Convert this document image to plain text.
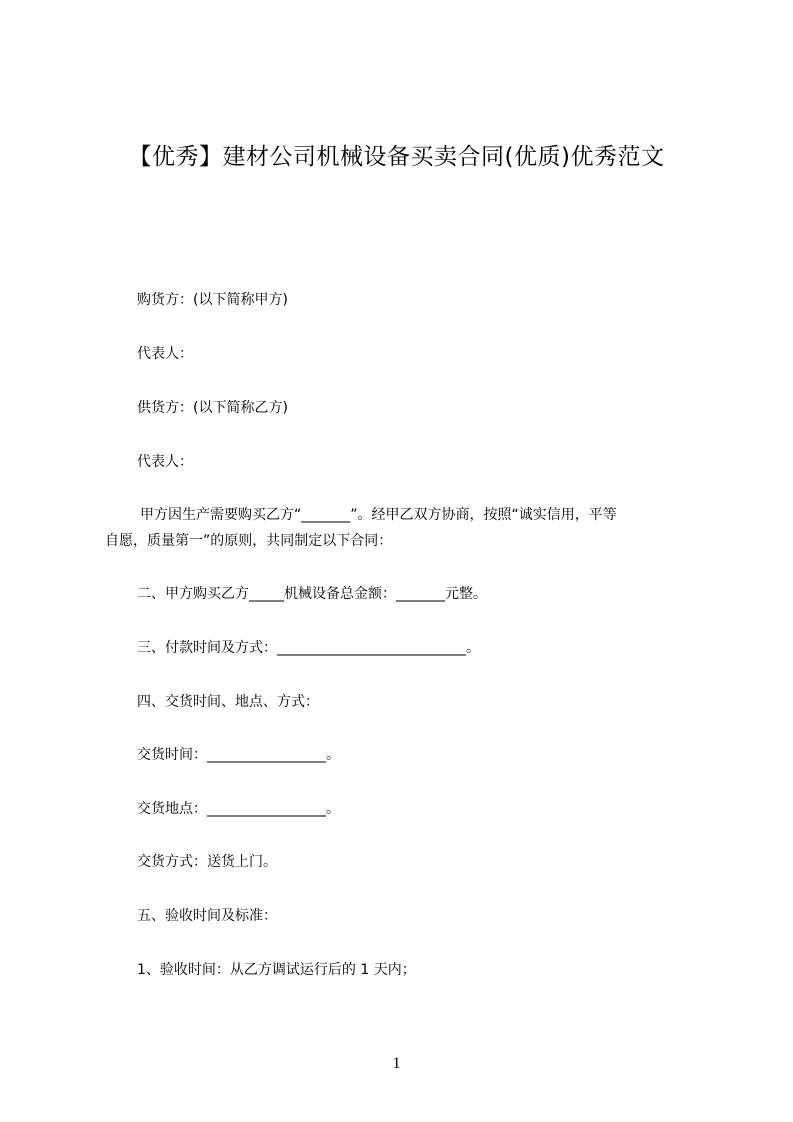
【优秀】建材公司机械设备买卖合同(优质)优秀范文
购货方：(以下简称甲方)
代表人：
供货方：(以下简称乙方)
代表人：
甲方因生产需要购买乙方“_______”。经甲乙双方协商，按照“诚实信用，平等
自愿，质量第一”的原则，共同制定以下合同：
二、甲方购买乙方_____机械设备总金额：_______元整。
三、付款时间及方式：___________________________。
四、交货时间、地点、方式：
交货时间：_________________。
交货地点：_________________。
交货方式：送货上门。
五、验收时间及标准：
1、验收时间：从乙方调试运行后的 1 天内；
1
